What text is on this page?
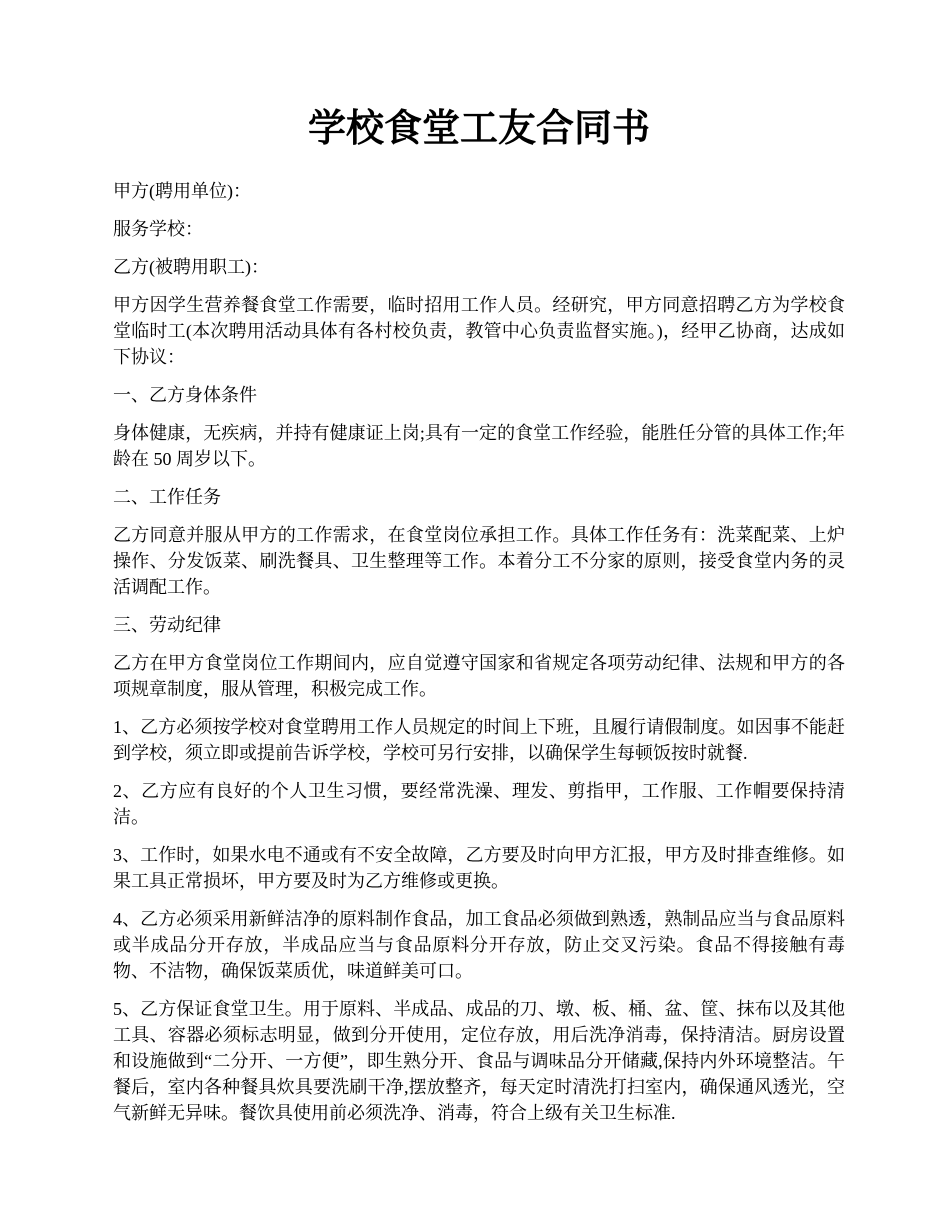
学校食堂工友合同书

甲方(聘用单位)：

服务学校：

乙方(被聘用职工)：

甲方因学生营养餐食堂工作需要，临时招用工作人员。经研究，甲方同意招聘乙方为学校食堂临时工(本次聘用活动具体有各村校负责，教管中心负责监督实施。)，经甲乙协商，达成如下协议：

一、乙方身体条件

身体健康，无疾病，并持有健康证上岗;具有一定的食堂工作经验，能胜任分管的具体工作;年龄在 50 周岁以下。

二、工作任务

乙方同意并服从甲方的工作需求，在食堂岗位承担工作。具体工作任务有：洗菜配菜、上炉操作、分发饭菜、刷洗餐具、卫生整理等工作。本着分工不分家的原则，接受食堂内务的灵活调配工作。

三、劳动纪律

乙方在甲方食堂岗位工作期间内，应自觉遵守国家和省规定各项劳动纪律、法规和甲方的各项规章制度，服从管理，积极完成工作。

1、乙方必须按学校对食堂聘用工作人员规定的时间上下班，且履行请假制度。如因事不能赶到学校，须立即或提前告诉学校，学校可另行安排，以确保学生每顿饭按时就餐.

2、乙方应有良好的个人卫生习惯，要经常洗澡、理发、剪指甲，工作服、工作帽要保持清洁。

3、工作时，如果水电不通或有不安全故障，乙方要及时向甲方汇报，甲方及时排查维修。如果工具正常损坏，甲方要及时为乙方维修或更换。

4、乙方必须采用新鲜洁净的原料制作食品，加工食品必须做到熟透，熟制品应当与食品原料或半成品分开存放，半成品应当与食品原料分开存放，防止交叉污染。食品不得接触有毒物、不洁物，确保饭菜质优，味道鲜美可口。

5、乙方保证食堂卫生。用于原料、半成品、成品的刀、墩、板、桶、盆、筐、抹布以及其他工具、容器必须标志明显，做到分开使用，定位存放，用后洗净消毒，保持清洁。厨房设置和设施做到“二分开、一方便”，即生熟分开、食品与调味品分开储藏,保持内外环境整洁。午餐后，室内各种餐具炊具要洗刷干净,摆放整齐，每天定时清洗打扫室内，确保通风透光，空气新鲜无异味。餐饮具使用前必须洗净、消毒，符合上级有关卫生标准.
